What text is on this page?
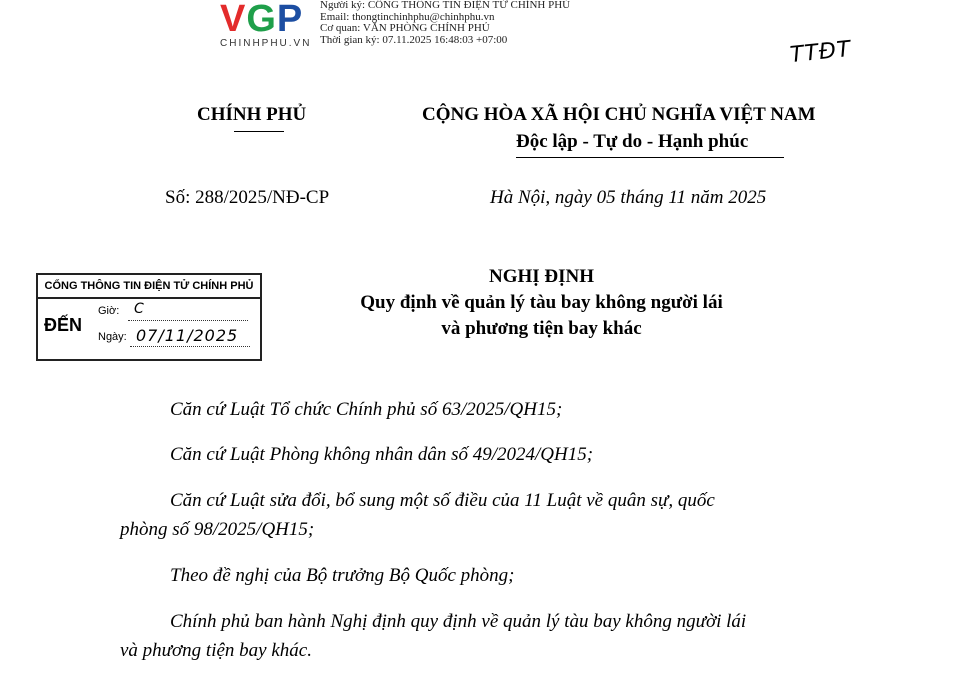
VGP
CHINHPHU.VN
Người ký: CỔNG THÔNG TIN ĐIỆN TỬ CHÍNH PHỦ
Email: thongtinchinhphu@chinhphu.vn
Cơ quan: VĂN PHÒNG CHÍNH PHỦ
Thời gian ký: 07.11.2025 16:48:03 +07:00	TTĐT
CHÍNH PHỦ	CỘNG HÒA XÃ HỘI CHỦ NGHĨA VIỆT NAM
Độc lập - Tự do - Hạnh phúc
Số: 288/2025/NĐ-CP	Hà Nội, ngày 05 tháng 11 năm 2025
CỔNG THÔNG TIN ĐIỆN TỬ CHÍNH PHỦ
ĐẾN
Giờ: C
Ngày: 07/11/2025
NGHỊ ĐỊNH
Quy định về quản lý tàu bay không người lái
và phương tiện bay khác
Căn cứ Luật Tổ chức Chính phủ số 63/2025/QH15;
Căn cứ Luật Phòng không nhân dân số 49/2024/QH15;
Căn cứ Luật sửa đổi, bổ sung một số điều của 11 Luật về quân sự, quốc
phòng số 98/2025/QH15;
Theo đề nghị của Bộ trưởng Bộ Quốc phòng;
Chính phủ ban hành Nghị định quy định về quản lý tàu bay không người lái
và phương tiện bay khác.
